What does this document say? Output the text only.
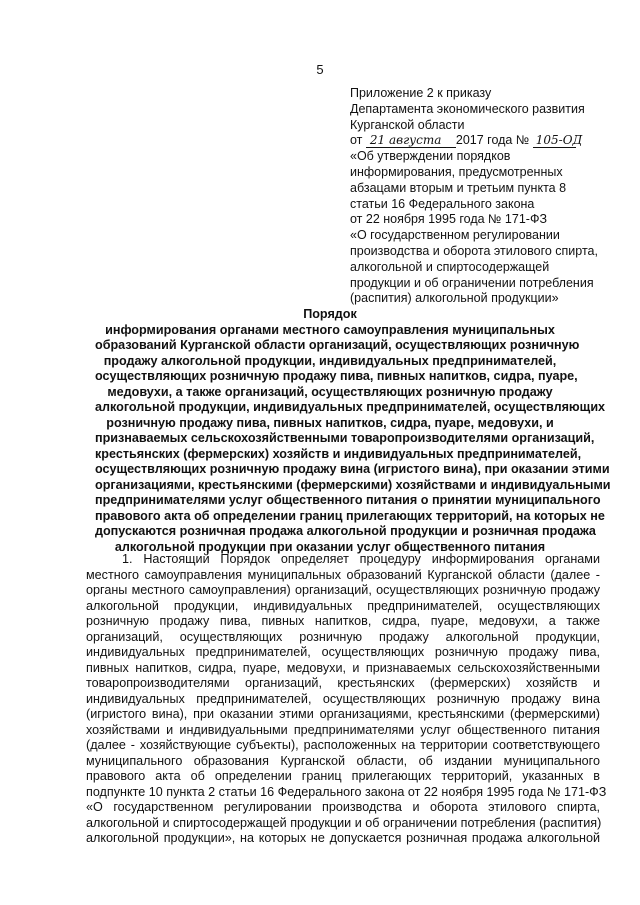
5
Приложение 2 к приказу
Департамента экономического развития
Курганской области
от 21 августа 2017 года № 105-ОД
«Об утверждении порядков
информирования, предусмотренных
абзацами вторым и третьим пункта 8
статьи 16 Федерального закона
от 22 ноября 1995 года № 171-ФЗ
«О государственном регулировании
производства и оборота этилового спирта,
алкогольной и спиртосодержащей
продукции и об ограничении потребления
(распития) алкогольной продукции»
Порядок
информирования органами местного самоуправления муниципальных
образований Курганской области организаций, осуществляющих розничную
продажу алкогольной продукции, индивидуальных предпринимателей,
осуществляющих розничную продажу пива, пивных напитков, сидра, пуаре,
медовухи, а также организаций, осуществляющих розничную продажу
алкогольной продукции, индивидуальных предпринимателей, осуществляющих
розничную продажу пива, пивных напитков, сидра, пуаре, медовухи, и
признаваемых сельскохозяйственными товаропроизводителями организаций,
крестьянских (фермерских) хозяйств и индивидуальных предпринимателей,
осуществляющих розничную продажу вина (игристого вина), при оказании этими
организациями, крестьянскими (фермерскими) хозяйствами и индивидуальными
предпринимателями услуг общественного питания о принятии муниципального
правового акта об определении границ прилегающих территорий, на которых не
допускаются розничная продажа алкогольной продукции и розничная продажа
алкогольной продукции при оказании услуг общественного питания
1. Настоящий Порядок определяет процедуру информирования органами
местного самоуправления муниципальных образований Курганской области (далее -
органы местного самоуправления) организаций, осуществляющих розничную продажу
алкогольной продукции, индивидуальных предпринимателей, осуществляющих
розничную продажу пива, пивных напитков, сидра, пуаре, медовухи, а также
организаций, осуществляющих розничную продажу алкогольной продукции,
индивидуальных предпринимателей, осуществляющих розничную продажу пива,
пивных напитков, сидра, пуаре, медовухи, и признаваемых сельскохозяйственными
товаропроизводителями организаций, крестьянских (фермерских) хозяйств и
индивидуальных предпринимателей, осуществляющих розничную продажу вина
(игристого вина), при оказании этими организациями, крестьянскими (фермерскими)
хозяйствами и индивидуальными предпринимателями услуг общественного питания
(далее - хозяйствующие субъекты), расположенных на территории соответствующего
муниципального образования Курганской области, об издании муниципального
правового акта об определении границ прилегающих территорий, указанных в
подпункте 10 пункта 2 статьи 16 Федерального закона от 22 ноября 1995 года № 171-ФЗ
«О государственном регулировании производства и оборота этилового спирта,
алкогольной и спиртосодержащей продукции и об ограничении потребления (распития)
алкогольной продукции», на которых не допускается розничная продажа алкогольной
